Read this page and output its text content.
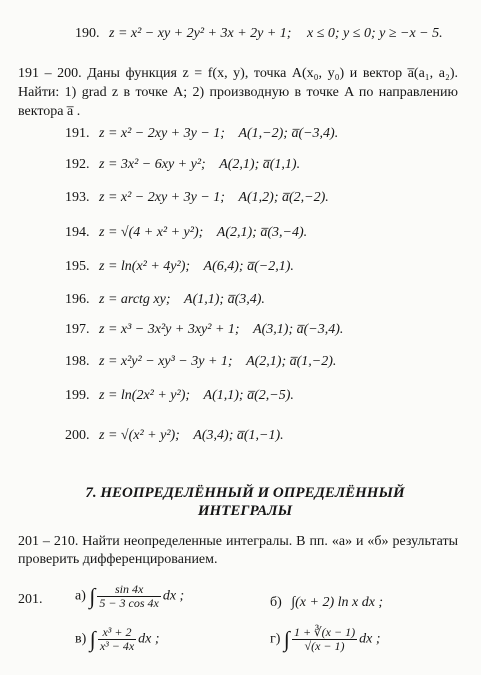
190. z = x² − xy + 2y² + 3x + 2y + 1; x ≤ 0; y ≤ 0; y ≥ −x − 5.
191 – 200. Даны функция z = f(x, y), точка A(x₀, y₀) и вектор a̅(a₁, a₂). Найти: 1) grad z в точке A; 2) производную в точке A по направлению вектора a̅ .
191. z = x² − 2xy + 3y − 1; A(1,−2); a̅(−3,4).
192. z = 3x² − 6xy + y²; A(2,1); a̅(1,1).
193. z = x² − 2xy + 3y − 1; A(1,2); a̅(2,−2).
194. z = √(4 + x² + y²); A(2,1); a̅(3,−4).
195. z = ln(x² + 4y²); A(6,4); a̅(−2,1).
196. z = arctg xy; A(1,1); a̅(3,4).
197. z = x³ − 3x²y + 3xy² + 1; A(3,1); a̅(−3,4).
198. z = x²y² − xy³ − 3y + 1; A(2,1); a̅(1,−2).
199. z = ln(2x² + y²); A(1,1); a̅(2,−5).
200. z = √(x² + y²); A(3,4); a̅(1,−1).
7. НЕОПРЕДЕЛЁННЫЙ И ОПРЕДЕЛЁННЫЙ ИНТЕГРАЛЫ
201 – 210. Найти неопределенные интегралы. В пп. «а» и «б» результаты проверить дифференцированием.
201. а) ∫ $\frac{\sin 4x}{5 - 3 \cos 4x}$ dx ;	б) ∫(x + 2) ln x dx ;
в) ∫ $\frac{\text{x³ + 2}}{\text{x³ − 4x}}$ dx ;	г) ∫ $\frac{1 + ∛(x - 1)}{√(x - 1)}$ dx ;
